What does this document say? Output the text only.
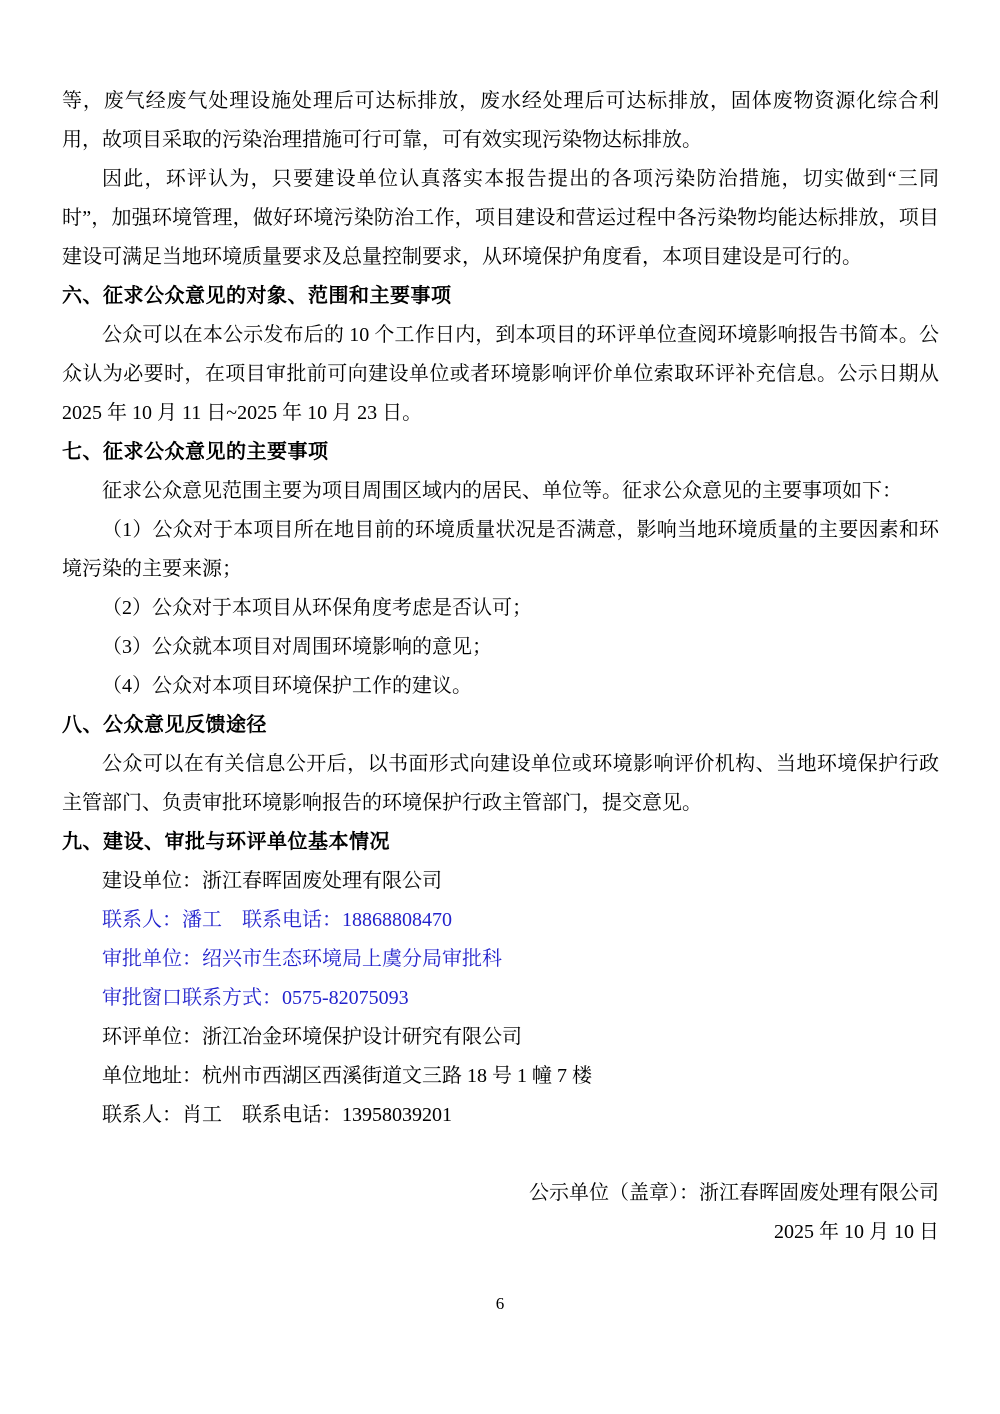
等，废气经废气处理设施处理后可达标排放，废水经处理后可达标排放，固体废物资源化综合利用，故项目采取的污染治理措施可行可靠，可有效实现污染物达标排放。

因此，环评认为，只要建设单位认真落实本报告提出的各项污染防治措施，切实做到“三同时”，加强环境管理，做好环境污染防治工作，项目建设和营运过程中各污染物均能达标排放，项目建设可满足当地环境质量要求及总量控制要求，从环境保护角度看，本项目建设是可行的。

六、征求公众意见的对象、范围和主要事项

公众可以在本公示发布后的 10 个工作日内，到本项目的环评单位查阅环境影响报告书简本。公众认为必要时，在项目审批前可向建设单位或者环境影响评价单位索取环评补充信息。公示日期从 2025 年 10 月 11 日~2025 年 10 月 23 日。

七、征求公众意见的主要事项

征求公众意见范围主要为项目周围区域内的居民、单位等。征求公众意见的主要事项如下：

（1）公众对于本项目所在地目前的环境质量状况是否满意，影响当地环境质量的主要因素和环境污染的主要来源；

（2）公众对于本项目从环保角度考虑是否认可；

（3）公众就本项目对周围环境影响的意见；

（4）公众对本项目环境保护工作的建议。

八、公众意见反馈途径

公众可以在有关信息公开后，以书面形式向建设单位或环境影响评价机构、当地环境保护行政主管部门、负责审批环境影响报告的环境保护行政主管部门，提交意见。

九、建设、审批与环评单位基本情况

建设单位：浙江春晖固废处理有限公司

联系人：潘工　联系电话：18868808470

审批单位：绍兴市生态环境局上虞分局审批科

审批窗口联系方式：0575-82075093

环评单位：浙江冶金环境保护设计研究有限公司

单位地址：杭州市西湖区西溪街道文三路 18 号 1 幢 7 楼

联系人：肖工　联系电话：13958039201

公示单位（盖章）：浙江春晖固废处理有限公司

2025 年 10 月 10 日

6
